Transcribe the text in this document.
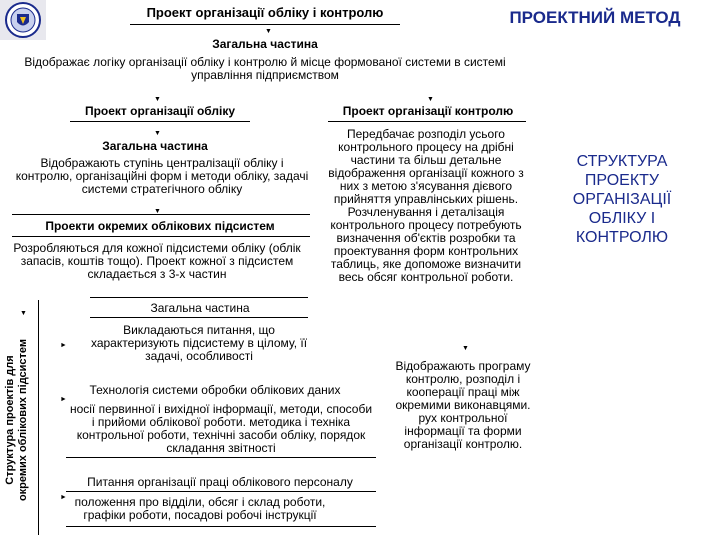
ПРОЕКТНИЙ МЕТОД
СТРУКТУРА ПРОЕКТУ ОРГАНІЗАЦІЇ ОБЛІКУ І КОНТРОЛЮ
Проект організації обліку і контролю
▼
Загальна частина
Відображає логіку організації обліку і контролю й місце формованої системи в системі управління підприємством
▼
Проект організації обліку
▼
Загальна частина
Відображають ступінь централізації обліку і контролю, організаційні форм і методи обліку, задачі системи стратегічного обліку
▼
Проекти окремих облікових підсистем
Розробляються для кожної підсистеми обліку (облік запасів, коштів тощо). Проект кожної з підсистем складається з 3-х частин
Структура проектів для окремих облікових підсистем
▼	Загальна частина
►
Викладаються питання, що характеризують підсистему в цілому, її задачі, особливості
►
Технологія системи обробки облікових даних
носії первинної і вихідної інформації, методи, способи і прийоми облікової роботи. методика і техніка контрольної роботи, технічні засоби обліку, порядок складання звітності
►
Питання організації праці облікового персоналу
положення про відділи, обсяг і склад роботи, графіки роботи, посадові робочі інструкції
▼
Проект організації контролю
Передбачає розподіл усього контрольного процесу на дрібні частини та більш детальне відображення організації кожного з них з метою з'ясування дієвого прийняття управлінських рішень. Розчленування і деталізація контрольного процесу потребують визначення об'єктів розробки та проектування форм контрольних таблиць, яке допоможе визначити весь обсяг контрольної роботи.
▼
Відображають програму контролю, розподіл і кооперації праці між окремими виконавцями. рух контрольної інформації та форми організації контролю.
